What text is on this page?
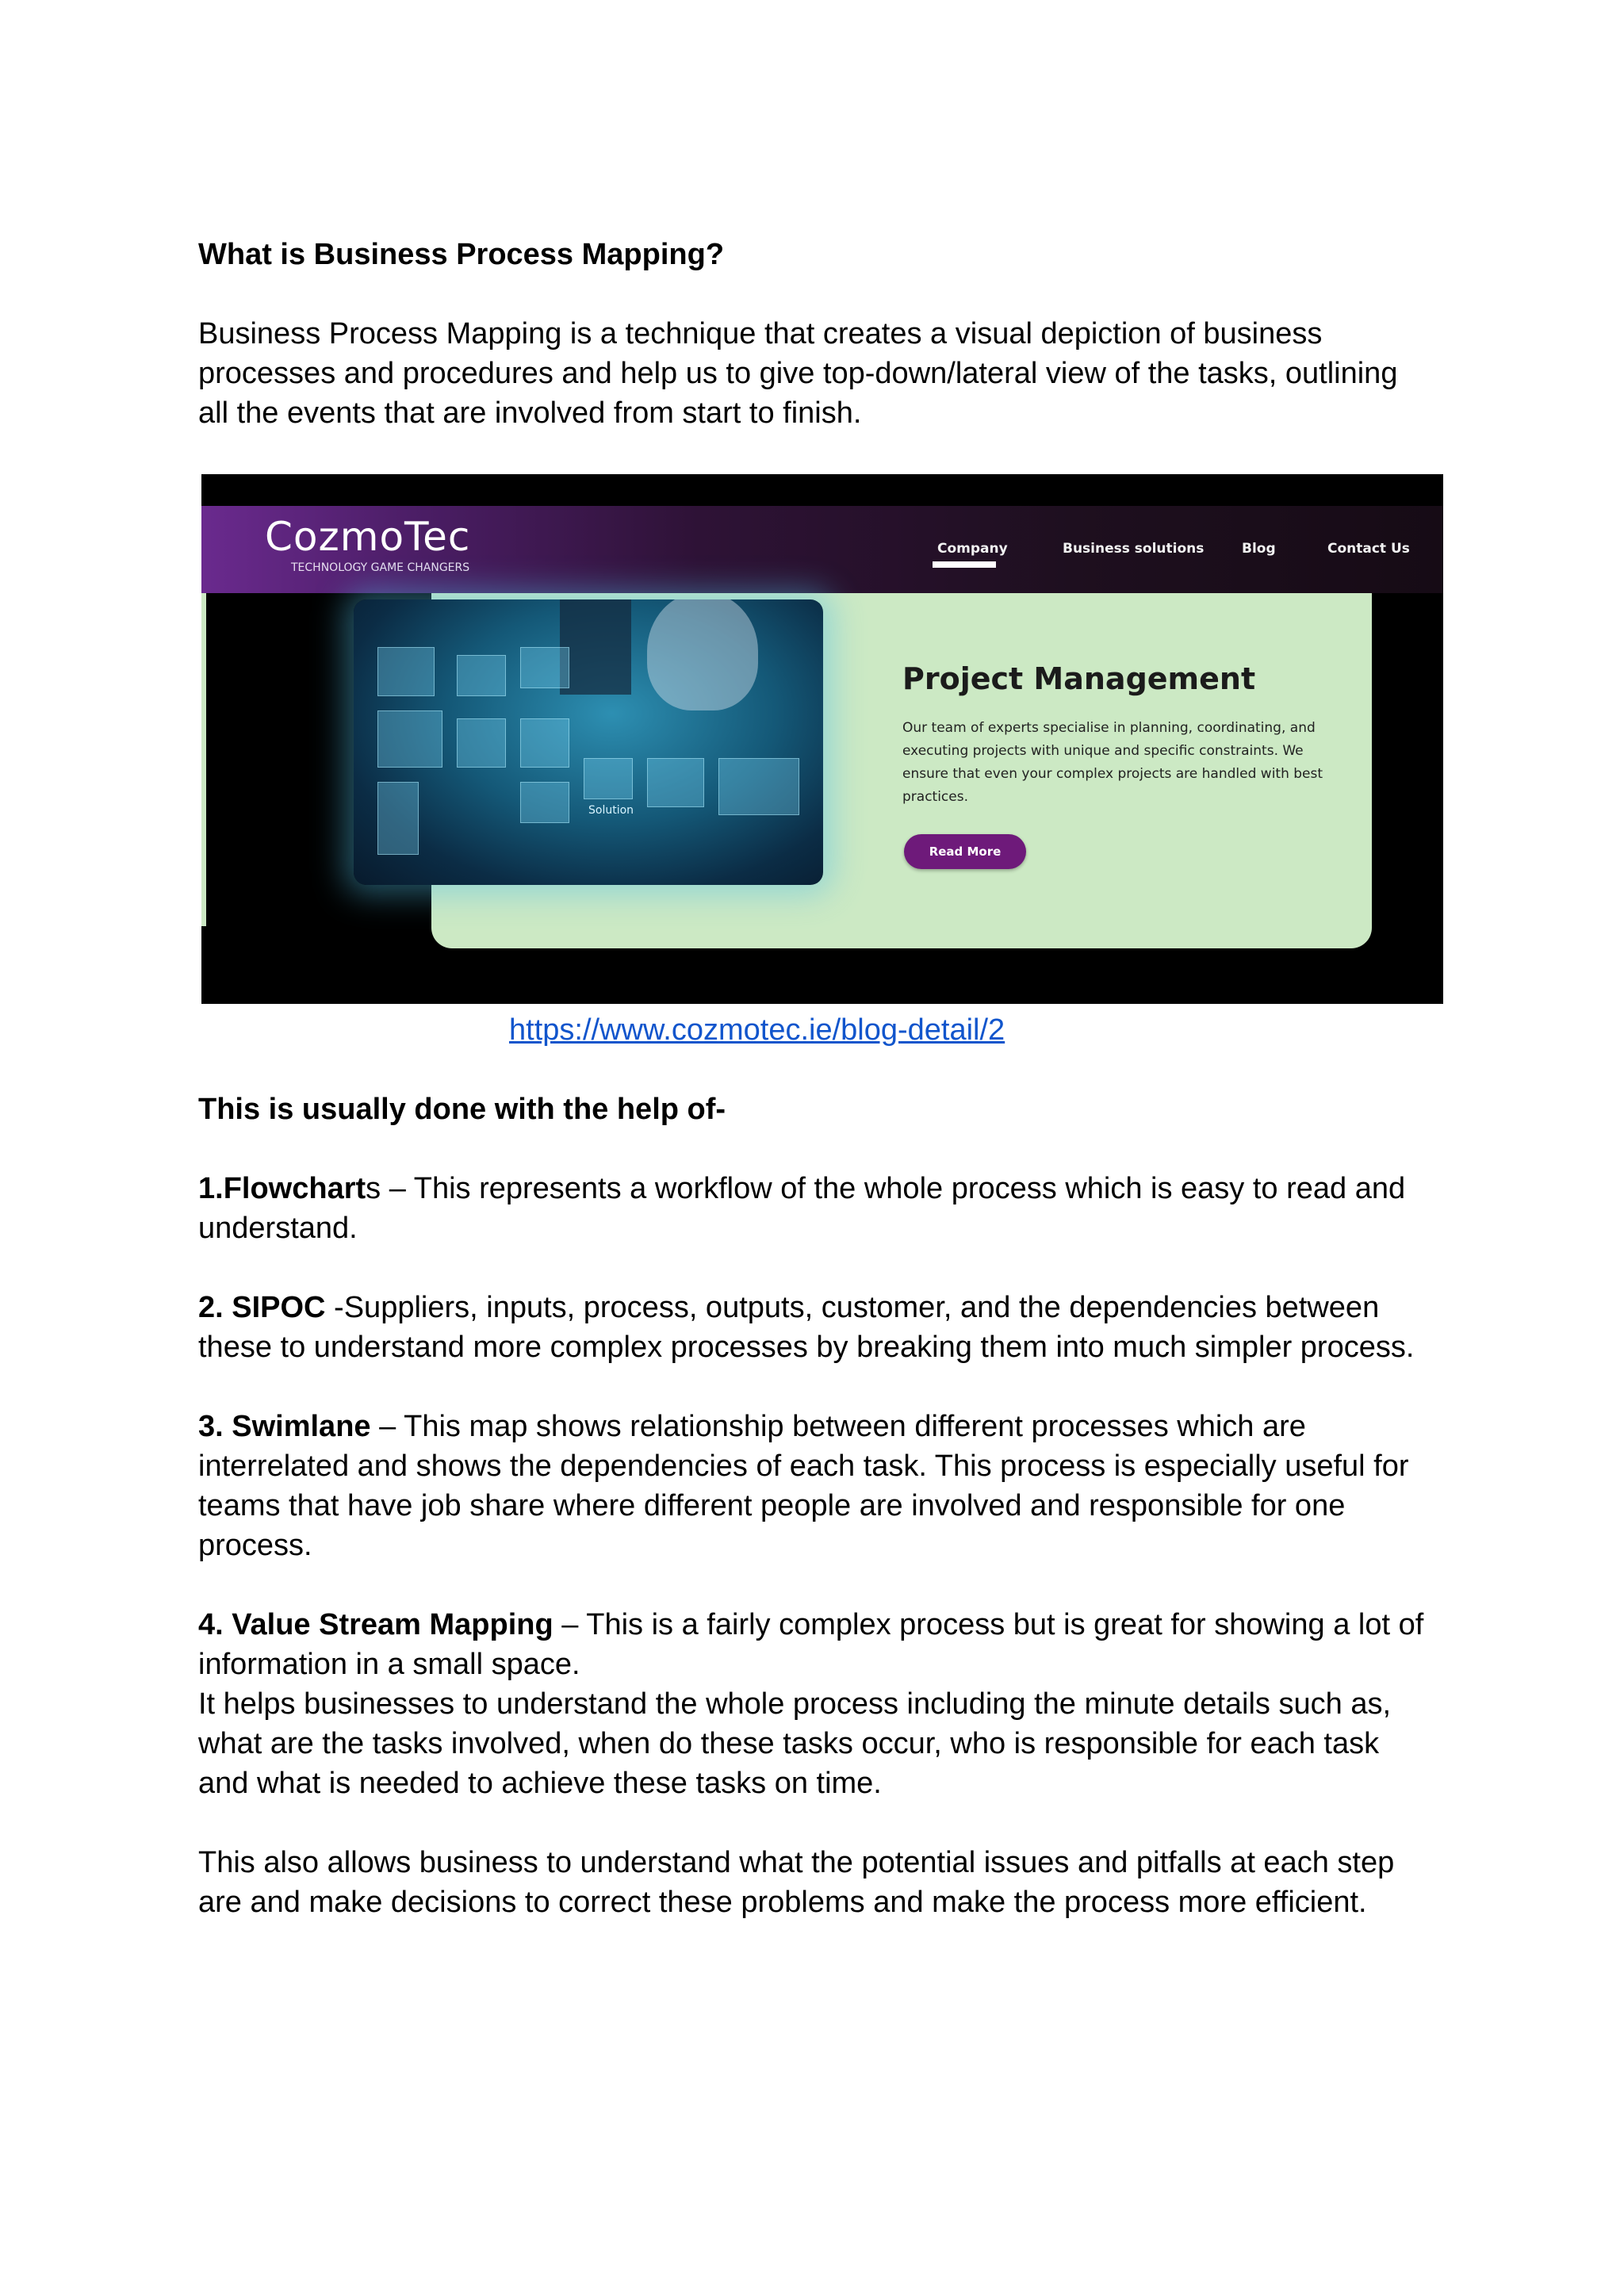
What is Business Process Mapping?

Business Process Mapping is a technique that creates a visual depiction of business processes and procedures and help us to give top-down/lateral view of the tasks, outlining all the events that are involved from start to finish.

CozmoTec
TECHNOLOGY GAME CHANGERS
Company	Business solutions	Blog	Contact Us
Solution
Project Management
Our team of experts specialise in planning, coordinating, and executing projects with unique and specific constraints. We ensure that even your complex projects are handled with best practices.
Read More
https://www.cozmotec.ie/blog-detail/2

This is usually done with the help of-

1.Flowcharts – This represents a workflow of the whole process which is easy to read and understand.

2. SIPOC -Suppliers, inputs, process, outputs, customer, and the dependencies between these to understand more complex processes by breaking them into much simpler process.

3. Swimlane – This map shows relationship between different processes which are interrelated and shows the dependencies of each task. This process is especially useful for teams that have job share where different people are involved and responsible for one process.

4. Value Stream Mapping – This is a fairly complex process but is great for showing a lot of information in a small space.

It helps businesses to understand the whole process including the minute details such as, what are the tasks involved, when do these tasks occur, who is responsible for each task and what is needed to achieve these tasks on time.

This also allows business to understand what the potential issues and pitfalls at each step are and make decisions to correct these problems and make the process more efficient.
